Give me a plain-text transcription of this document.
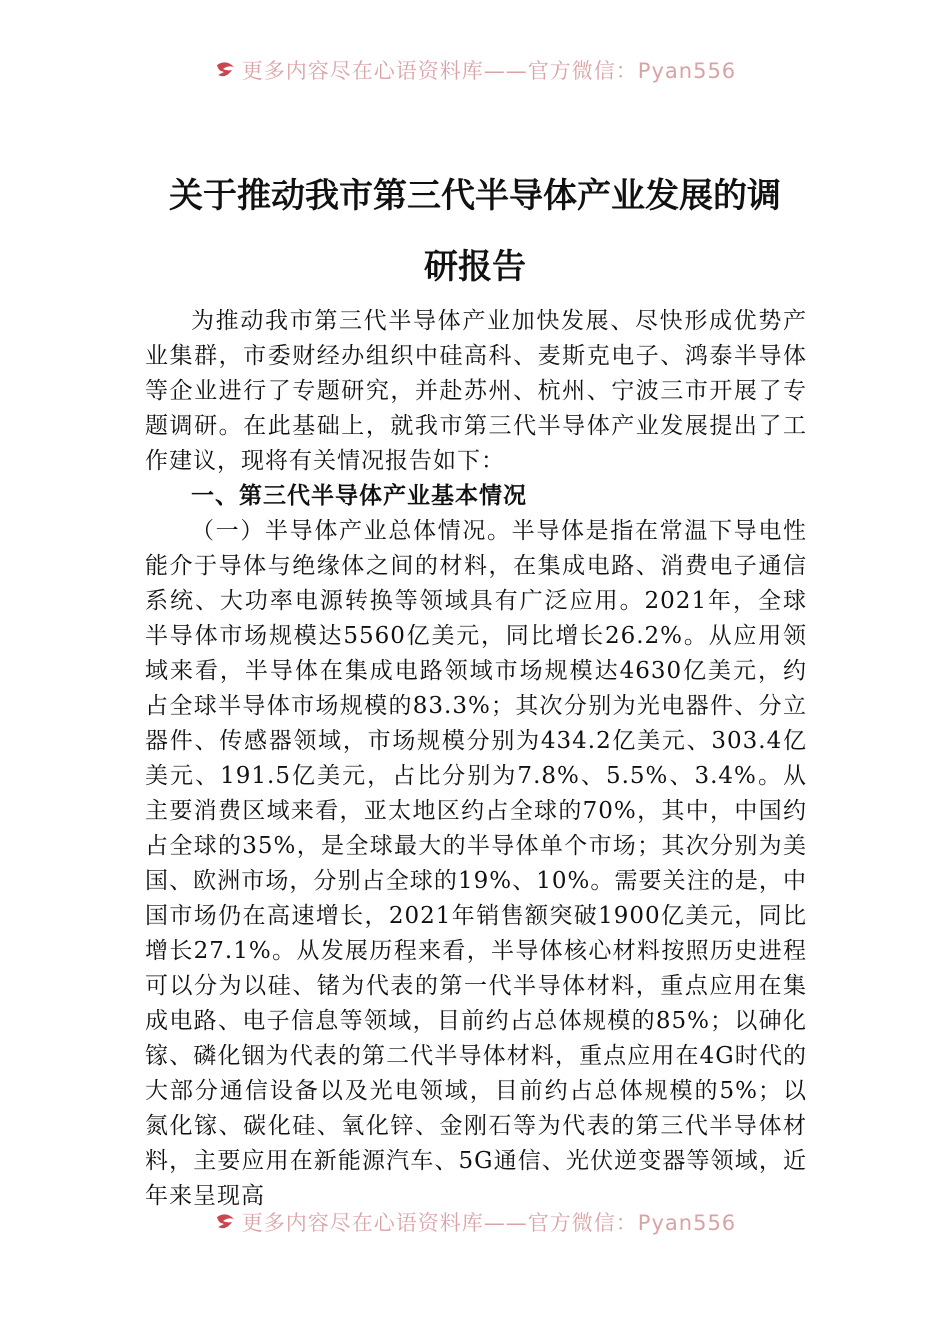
更多内容尽在心语资料库——官方微信：Pyan556
关于推动我市第三代半导体产业发展的调
研报告

为推动我市第三代半导体产业加快发展、尽快形成优势产业集群，市委财经办组织中硅高科、麦斯克电子、鸿泰半导体等企业进行了专题研究，并赴苏州、杭州、宁波三市开展了专题调研。在此基础上，就我市第三代半导体产业发展提出了工作建议，现将有关情况报告如下：

一、第三代半导体产业基本情况

（一）半导体产业总体情况。半导体是指在常温下导电性能介于导体与绝缘体之间的材料，在集成电路、消费电子通信系统、大功率电源转换等领域具有广泛应用。2021年，全球半导体市场规模达5560亿美元，同比增长26.2%。从应用领域来看，半导体在集成电路领域市场规模达4630亿美元，约占全球半导体市场规模的83.3%；其次分别为光电器件、分立器件、传感器领域，市场规模分别为434.2亿美元、303.4亿美元、191.5亿美元，占比分别为7.8%、5.5%、3.4%。从主要消费区域来看，亚太地区约占全球的70%，其中，中国约占全球的35%，是全球最大的半导体单个市场；其次分别为美国、欧洲市场，分别占全球的19%、10%。需要关注的是，中国市场仍在高速增长，2021年销售额突破1900亿美元，同比增长27.1%。从发展历程来看，半导体核心材料按照历史进程可以分为以硅、锗为代表的第一代半导体材料，重点应用在集成电路、电子信息等领域，目前约占总体规模的85%；以砷化镓、磷化铟为代表的第二代半导体材料，重点应用在4G时代的大部分通信设备以及光电领域，目前约占总体规模的5%；以氮化镓、碳化硅、氧化锌、金刚石等为代表的第三代半导体材料，主要应用在新能源汽车、5G通信、光伏逆变器等领域，近年来呈现高

更多内容尽在心语资料库——官方微信：Pyan556
